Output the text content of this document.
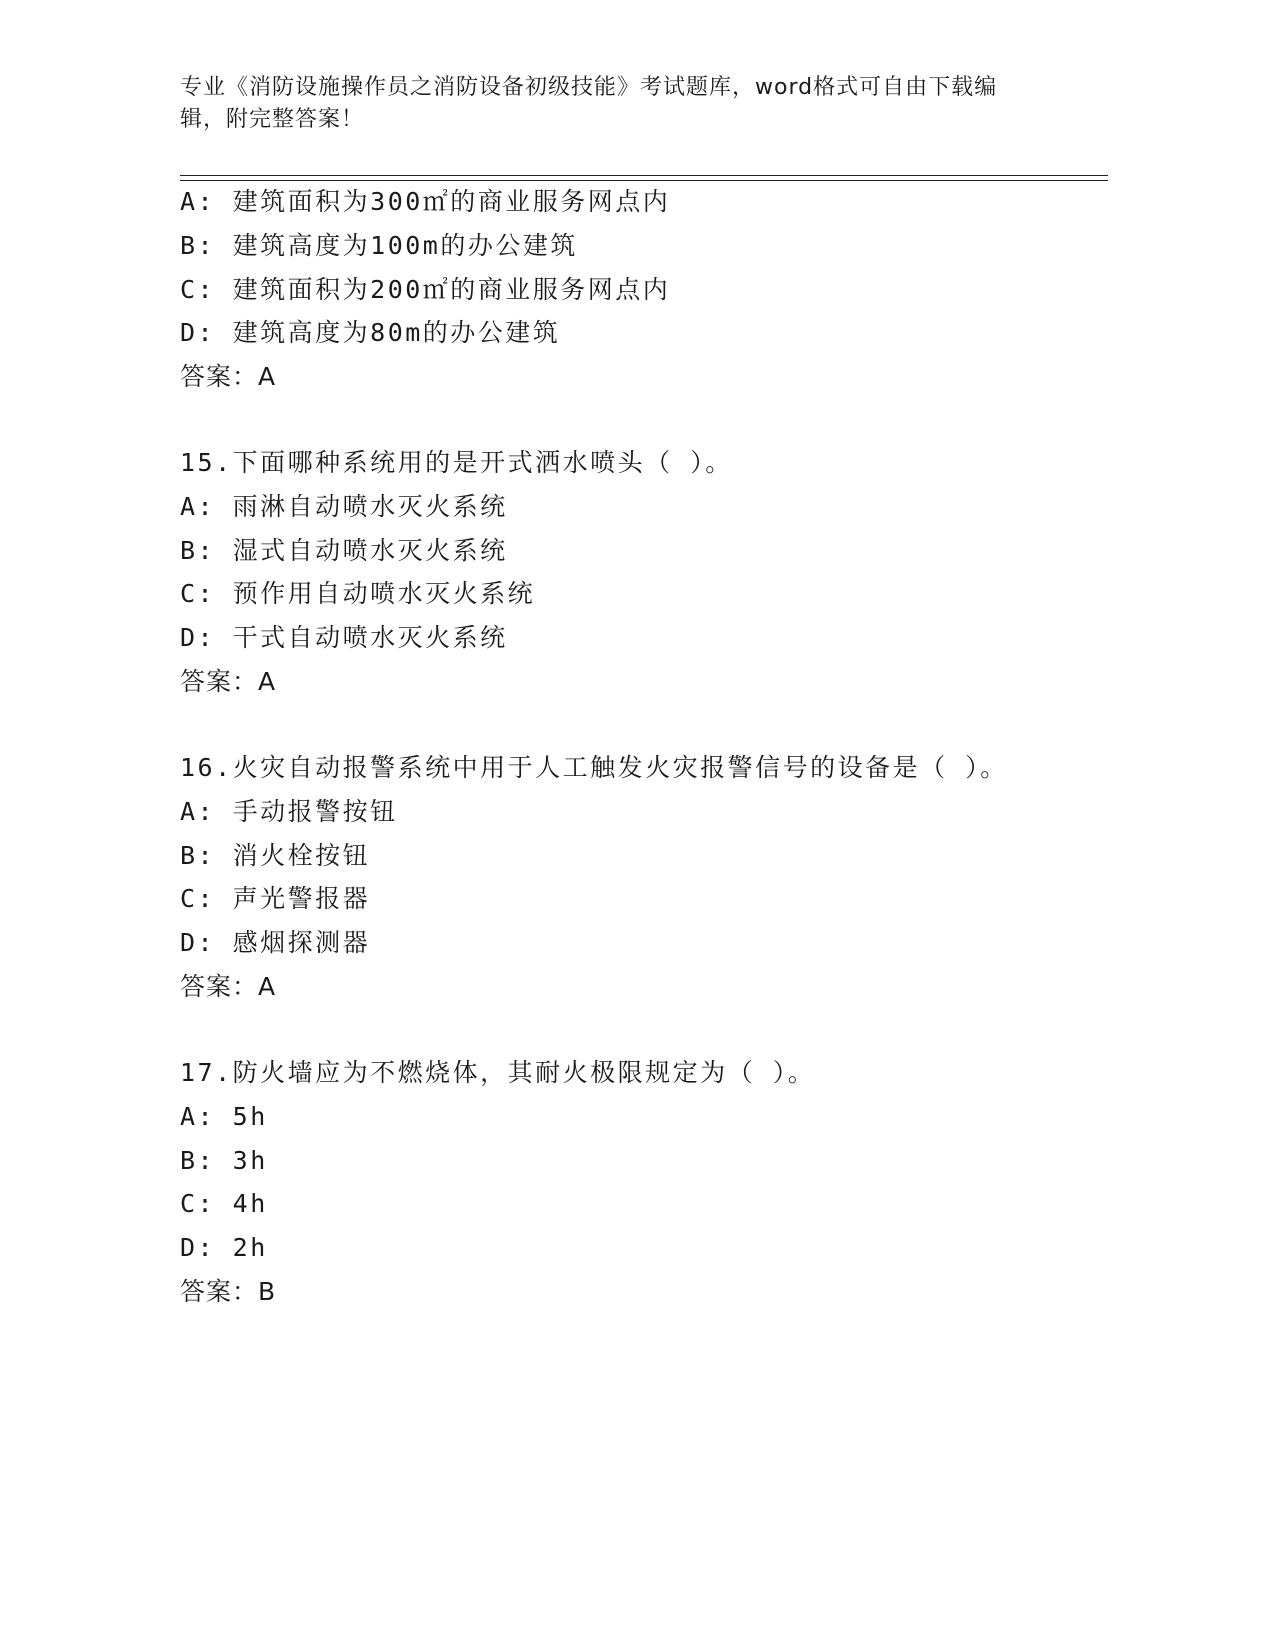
专业《消防设施操作员之消防设备初级技能》考试题库，word格式可自由下载编辑，附完整答案！
A: 建筑面积为300㎡的商业服务网点内
B: 建筑高度为100m的办公建筑
C: 建筑面积为200㎡的商业服务网点内
D: 建筑高度为80m的办公建筑
答案：A
15.下面哪种系统用的是开式洒水喷头（ ）。
A: 雨淋自动喷水灭火系统
B: 湿式自动喷水灭火系统
C: 预作用自动喷水灭火系统
D: 干式自动喷水灭火系统
答案：A
16.火灾自动报警系统中用于人工触发火灾报警信号的设备是（ ）。
A: 手动报警按钮
B: 消火栓按钮
C: 声光警报器
D: 感烟探测器
答案：A
17.防火墙应为不燃烧体，其耐火极限规定为（ ）。
A: 5h
B: 3h
C: 4h
D: 2h
答案：B
